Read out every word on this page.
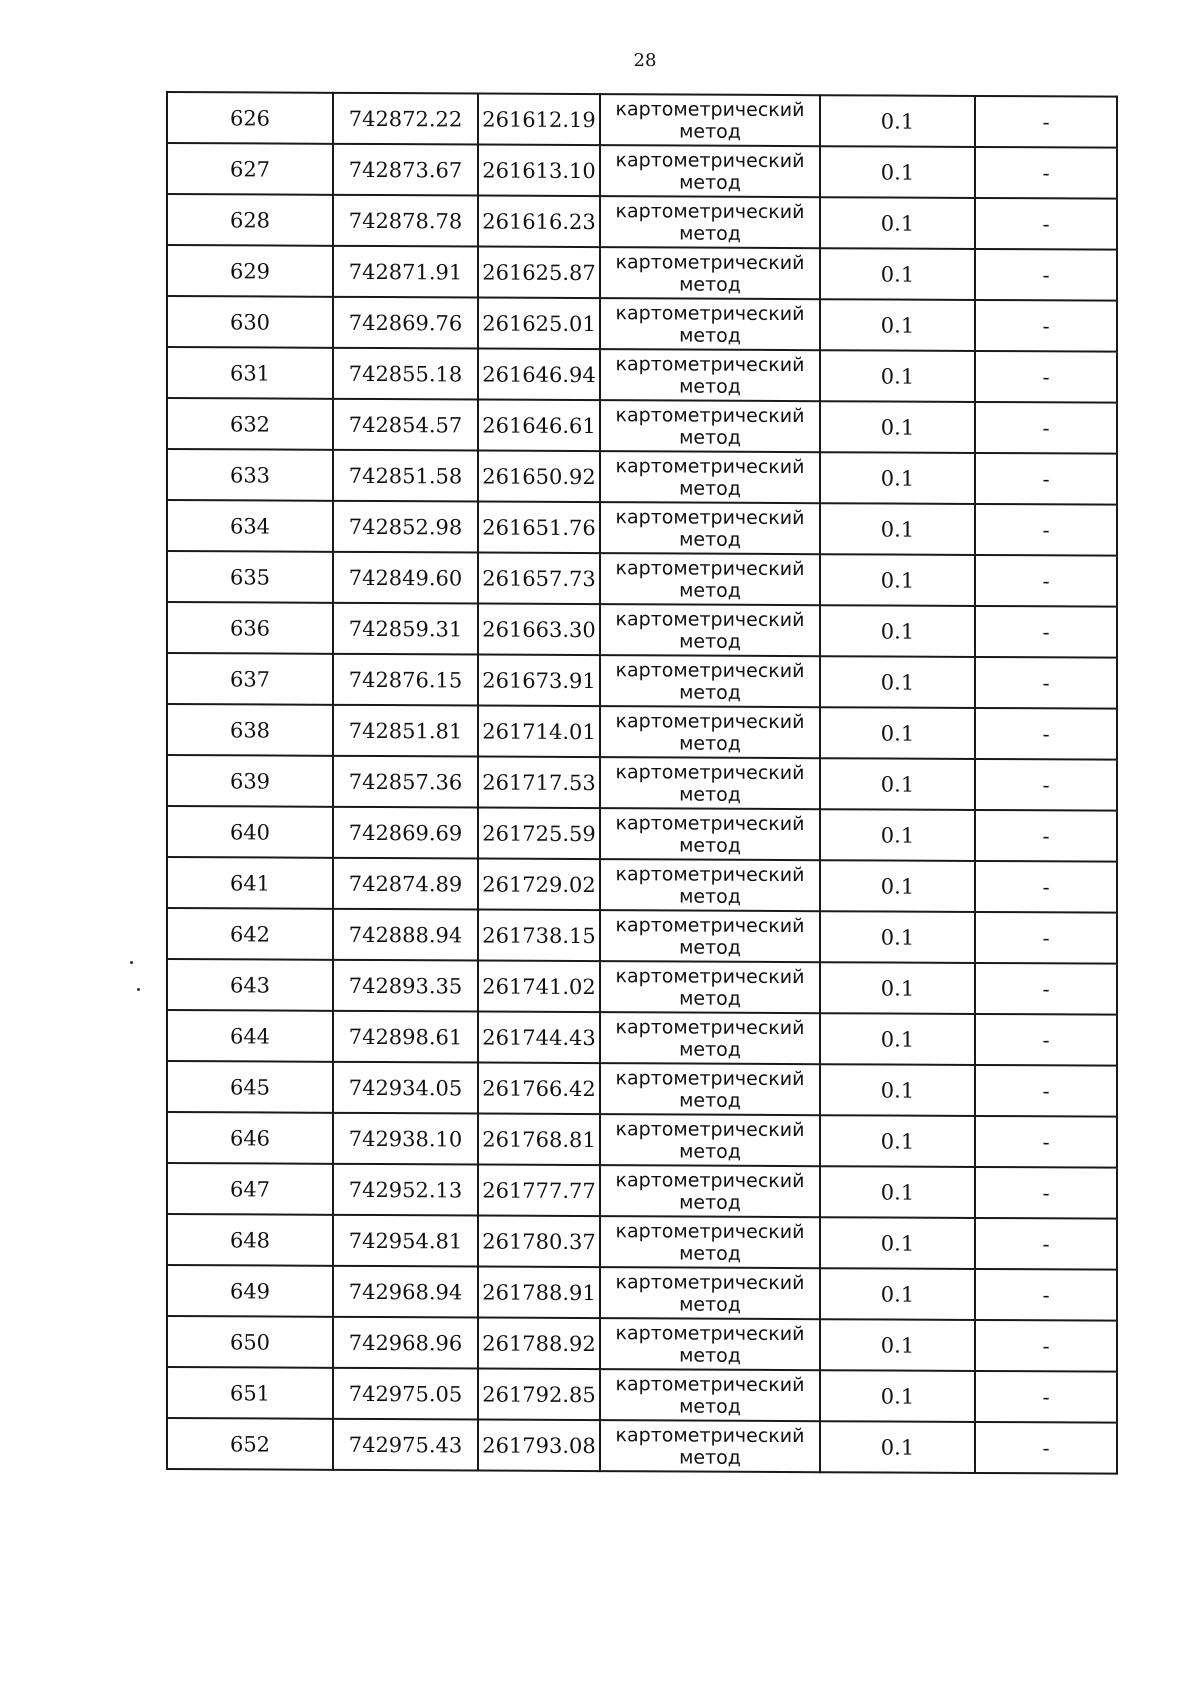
28
626	742872.22	261612.19	картометрический
метод	0.1	-
627	742873.67	261613.10	картометрический
метод	0.1	-
628	742878.78	261616.23	картометрический
метод	0.1	-
629	742871.91	261625.87	картометрический
метод	0.1	-
630	742869.76	261625.01	картометрический
метод	0.1	-
631	742855.18	261646.94	картометрический
метод	0.1	-
632	742854.57	261646.61	картометрический
метод	0.1	-
633	742851.58	261650.92	картометрический
метод	0.1	-
634	742852.98	261651.76	картометрический
метод	0.1	-
635	742849.60	261657.73	картометрический
метод	0.1	-
636	742859.31	261663.30	картометрический
метод	0.1	-
637	742876.15	261673.91	картометрический
метод	0.1	-
638	742851.81	261714.01	картометрический
метод	0.1	-
639	742857.36	261717.53	картометрический
метод	0.1	-
640	742869.69	261725.59	картометрический
метод	0.1	-
641	742874.89	261729.02	картометрический
метод	0.1	-
642	742888.94	261738.15	картометрический
метод	0.1	-
643	742893.35	261741.02	картометрический
метод	0.1	-
644	742898.61	261744.43	картометрический
метод	0.1	-
645	742934.05	261766.42	картометрический
метод	0.1	-
646	742938.10	261768.81	картометрический
метод	0.1	-
647	742952.13	261777.77	картометрический
метод	0.1	-
648	742954.81	261780.37	картометрический
метод	0.1	-
649	742968.94	261788.91	картометрический
метод	0.1	-
650	742968.96	261788.92	картометрический
метод	0.1	-
651	742975.05	261792.85	картометрический
метод	0.1	-
652	742975.43	261793.08	картометрический
метод	0.1	-
